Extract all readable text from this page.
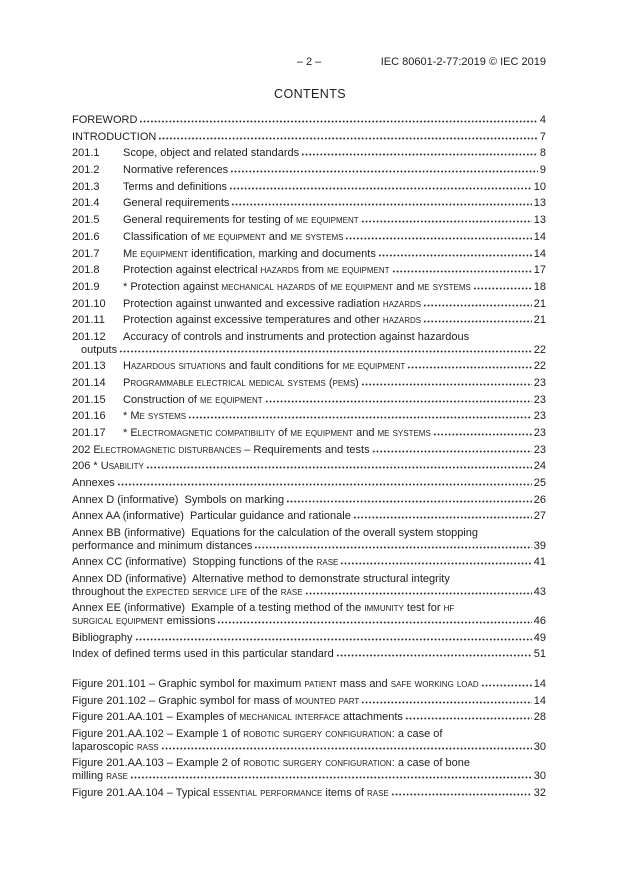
– 2 –	IEC 80601-2-77:2019 © IEC 2019
CONTENTS
FOREWORD	4
INTRODUCTION	7
201.1	Scope, object and related standards	8
201.2	Normative references	9
201.3	Terms and definitions	10
201.4	General requirements	13
201.5	General requirements for testing of me equipment	13
201.6	Classification of me equipment and me systems	14
201.7	Me equipment identification, marking and documents	14
201.8	Protection against electrical hazards from me equipment	17
201.9	* Protection against mechanical hazards of me equipment and me systems	18
201.10	Protection against unwanted and excessive radiation hazards	21
201.11	Protection against excessive temperatures and other hazards	21
201.12	Accuracy of controls and instruments and protection against hazardous
outputs	22
201.13	Hazardous situations and fault conditions for me equipment	22
201.14	Programmable electrical medical systems (pems)	23
201.15	Construction of me equipment	23
201.16	* Me systems	23
201.17	* Electromagnetic compatibility of me equipment and me systems	23
202 Electromagnetic disturbances – Requirements and tests	23
206 * Usability	24
Annexes	25
Annex D (informative)  Symbols on marking	26
Annex AA (informative)  Particular guidance and rationale	27
Annex BB (informative)  Equations for the calculation of the overall system stopping
performance and minimum distances	39
Annex CC (informative)  Stopping functions of the rase	41
Annex DD (informative)  Alternative method to demonstrate structural integrity
throughout the expected service life of the rase	43
Annex EE (informative)  Example of a testing method of the immunity test for hf
surgical equipment emissions	46
Bibliography	49
Index of defined terms used in this particular standard	51
Figure 201.101 – Graphic symbol for maximum patient mass and safe working load	14
Figure 201.102 – Graphic symbol for mass of mounted part	14
Figure 201.AA.101 – Examples of mechanical interface attachments	28
Figure 201.AA.102 – Example 1 of robotic surgery configuration: a case of
laparoscopic rass	30
Figure 201.AA.103 – Example 2 of robotic surgery configuration: a case of bone
milling rase	30
Figure 201.AA.104 – Typical essential performance items of rase	32
